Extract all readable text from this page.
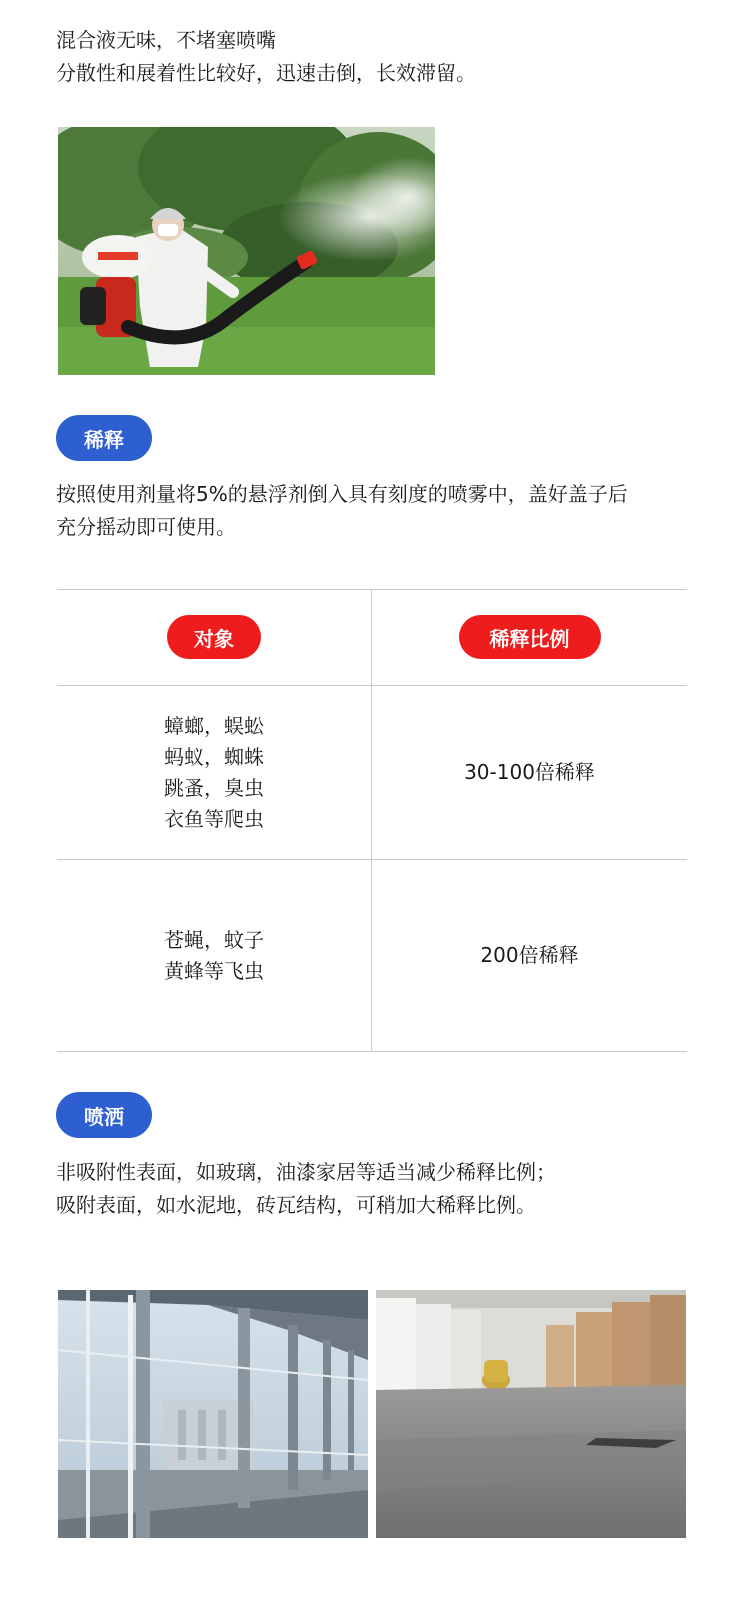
混合液无味，不堵塞喷嘴

分散性和展着性比较好，迅速击倒，长效滞留。

稀释

按照使用剂量将5%的悬浮剂倒入具有刻度的喷雾中，盖好盖子后

充分摇动即可使用。

对象	稀释比例
蟑螂，蜈蚣
蚂蚁，蜘蛛
跳蚤，臭虫
衣鱼等爬虫
30-100倍稀释
苍蝇，蚊子
黄蜂等飞虫
200倍稀释
喷洒

非吸附性表面，如玻璃，油漆家居等适当减少稀释比例；

吸附表面，如水泥地，砖瓦结构，可稍加大稀释比例。
